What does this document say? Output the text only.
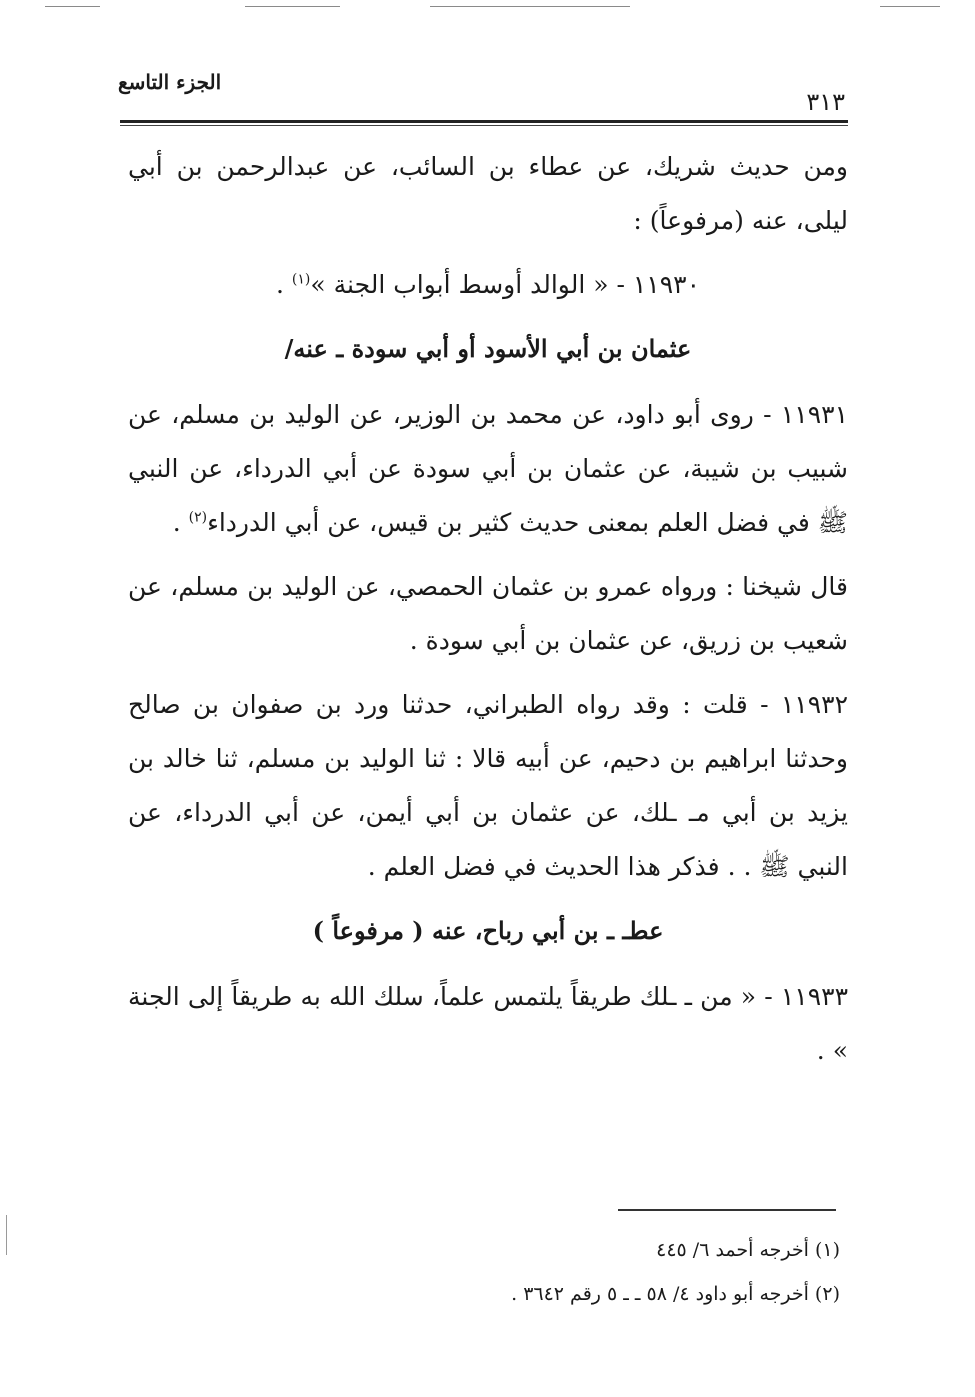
الجزء التاسع
٣١٣

ومن حديث شريك، عن عطاء بن السائب، عن عبدالرحمن بن أبي ليلى، عنه (مرفوعاً) :

١١٩٣٠ - « الوالد أوسط أبواب الجنة »$^{(١)}$ .

عثمان بن أبي الأسود أو أبي سودة ـ عنه/

١١٩٣١ - روى أبو داود، عن محمد بن الوزير، عن الوليد بن مسلم، عن شبيب بن شيبة، عن عثمان بن أبي سودة عن أبي الدرداء، عن النبي ﷺ في فضل العلم بمعنى حديث كثير بن قيس، عن أبي الدرداء$^{(٢)}$ .

قال شيخنا : ورواه عمرو بن عثمان الحمصي، عن الوليد بن مسلم، عن شعيب بن زريق، عن عثمان بن أبي سودة .

١١٩٣٢ - قلت : وقد رواه الطبراني، حدثنا ورد بن صفوان بن صالح وحدثنا ابراهيم بن دحيم، عن أبيه قالا : ثنا الوليد بن مسلم، ثنا خالد بن يزيد بن أبي مـ ـلك، عن عثمان بن أبي أيمن، عن أبي الدرداء، عن النبي ﷺ . . فذكر هذا الحديث في فضل العلم .

عطـ ـ بن أبي رباح، عنه ( مرفوعاً )

١١٩٣٣ - « من ـ ـلك طريقاً يلتمس علماً، سلك الله به طريقاً إلى الجنة » .

(١) أخرجه أحمد ٦/ ٤٤٥
(٢) أخرجه أبو داود ٤/ ٥٨ ـ ـ ٥ رقم ٣٦٤٢ .
